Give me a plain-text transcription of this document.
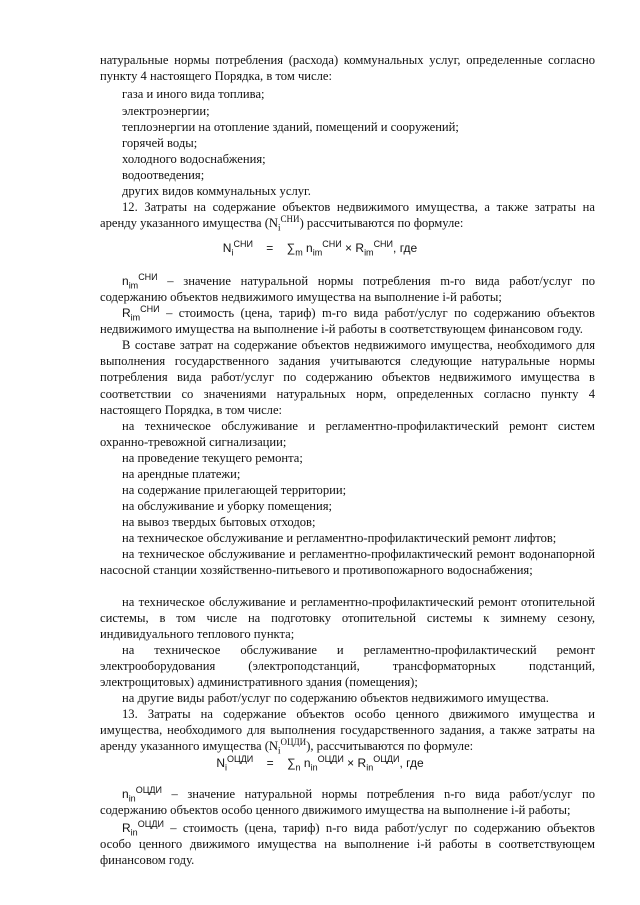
натуральные нормы потребления (расхода) коммунальных услуг, определенные согласно пункту 4 настоящего Порядка, в том числе:
газа и иного вида топлива;
электроэнергии;
теплоэнергии на отопление зданий, помещений и сооружений;
горячей воды;
холодного водоснабжения;
водоотведения;
других видов коммунальных услуг.
12. Затраты на содержание объектов недвижимого имущества, а также затраты на аренду указанного имущества $(N_i^{СНИ})$ рассчитываются по формуле:
$N_i^{СНИ} = \sum_m$ $n_{im}^{СНИ} \times R_{im}^{СНИ}$, где
$n_{im}^{СНИ}$ – значение натуральной нормы потребления m-го вида работ/услуг по содержанию объектов недвижимого имущества на выполнение i-й работы;
$R_{im}^{СНИ}$ – стоимость (цена, тариф) m-го вида работ/услуг по содержанию объектов недвижимого имущества на выполнение i-й работы в соответствующем финансовом году.
В составе затрат на содержание объектов недвижимого имущества, необходимого для выполнения государственного задания учитываются следующие натуральные нормы потребления вида работ/услуг по содержанию объектов недвижимого имущества в соответствии со значениями натуральных норм, определенных согласно пункту 4 настоящего Порядка, в том числе:
на техническое обслуживание и регламентно-профилактический ремонт систем охранно-тревожной сигнализации;
на проведение текущего ремонта;
на арендные платежи;
на содержание прилегающей территории;
на обслуживание и уборку помещения;
на вывоз твердых бытовых отходов;
на техническое обслуживание и регламентно-профилактический ремонт лифтов;
на техническое обслуживание и регламентно-профилактический ремонт водонапорной насосной станции хозяйственно-питьевого и противопожарного водоснабжения;
на техническое обслуживание и регламентно-профилактический ремонт отопительной системы, в том числе на подготовку отопительной системы к зимнему сезону, индивидуального теплового пункта;
на техническое обслуживание и регламентно-профилактический ремонт электрооборудования (электроподстанций, трансформаторных подстанций, электрощитовых) административного здания (помещения);
на другие виды работ/услуг по содержанию объектов недвижимого имущества.
13. Затраты на содержание объектов особо ценного движимого имущества и имущества, необходимого для выполнения государственного задания, а также затраты на аренду указанного имущества $(N_i^{ОЦДИ})$, рассчитываются по формуле:
$N_i^{ОЦДИ} = \sum_n$ $n_{in}^{ОЦДИ} \times R_{in}^{ОЦДИ}$, где
$n_{in}^{ОЦДИ}$ – значение натуральной нормы потребления n-го вида работ/услуг по содержанию объектов особо ценного движимого имущества на выполнение i-й работы;
$R_{in}^{ОЦДИ}$ – стоимость (цена, тариф) n-го вида работ/услуг по содержанию объектов особо ценного движимого имущества на выполнение i-й работы в соответствующем финансовом году.
